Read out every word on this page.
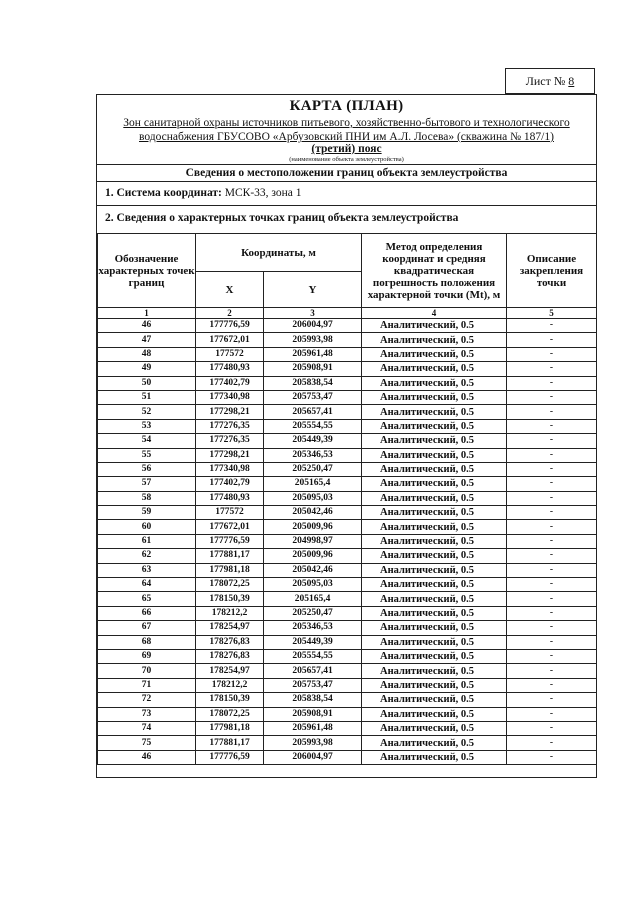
Лист № 8
КАРТА (ПЛАН)
Зон санитарной охраны источников питьевого, хозяйственно-бытового и технологического
водоснабжения ГБУСОВО «Арбузовский ПНИ им А.Л. Лосева» (скважина № 187/1)
(третий) пояс
(наименование объекта землеустройства)
Сведения о местоположении границ объекта землеустройства
1. Система координат: МСК-33, зона 1
2. Сведения о характерных точках границ объекта землеустройства
Обозначение характерных точек границ	Координаты, м		Метод определения координат и средняя квадратическая погрешность положения характерной точки (Mt), м	Описание закрепления точки
	X	Y		
1	2	3	4	5
46	177776,59	206004,97	Аналитический, 0.5	-
47	177672,01	205993,98	Аналитический, 0.5	-
48	177572	205961,48	Аналитический, 0.5	-
49	177480,93	205908,91	Аналитический, 0.5	-
50	177402,79	205838,54	Аналитический, 0.5	-
51	177340,98	205753,47	Аналитический, 0.5	-
52	177298,21	205657,41	Аналитический, 0.5	-
53	177276,35	205554,55	Аналитический, 0.5	-
54	177276,35	205449,39	Аналитический, 0.5	-
55	177298,21	205346,53	Аналитический, 0.5	-
56	177340,98	205250,47	Аналитический, 0.5	-
57	177402,79	205165,4	Аналитический, 0.5	-
58	177480,93	205095,03	Аналитический, 0.5	-
59	177572	205042,46	Аналитический, 0.5	-
60	177672,01	205009,96	Аналитический, 0.5	-
61	177776,59	204998,97	Аналитический, 0.5	-
62	177881,17	205009,96	Аналитический, 0.5	-
63	177981,18	205042,46	Аналитический, 0.5	-
64	178072,25	205095,03	Аналитический, 0.5	-
65	178150,39	205165,4	Аналитический, 0.5	-
66	178212,2	205250,47	Аналитический, 0.5	-
67	178254,97	205346,53	Аналитический, 0.5	-
68	178276,83	205449,39	Аналитический, 0.5	-
69	178276,83	205554,55	Аналитический, 0.5	-
70	178254,97	205657,41	Аналитический, 0.5	-
71	178212,2	205753,47	Аналитический, 0.5	-
72	178150,39	205838,54	Аналитический, 0.5	-
73	178072,25	205908,91	Аналитический, 0.5	-
74	177981,18	205961,48	Аналитический, 0.5	-
75	177881,17	205993,98	Аналитический, 0.5	-
46	177776,59	206004,97	Аналитический, 0.5	-
